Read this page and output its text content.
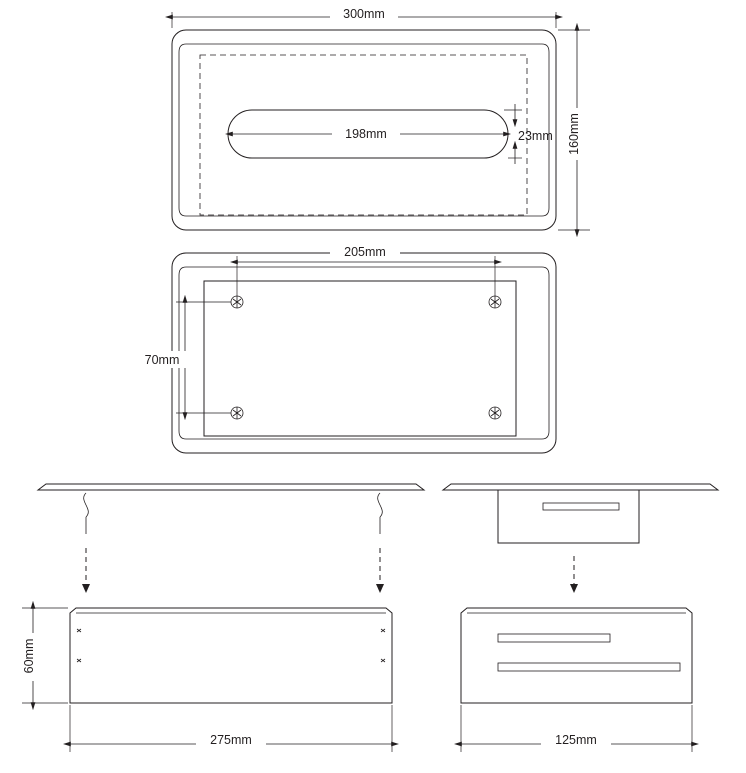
300mm
160mm
198mm	23mm
205mm
70mm
60mm
275mm	125mm
